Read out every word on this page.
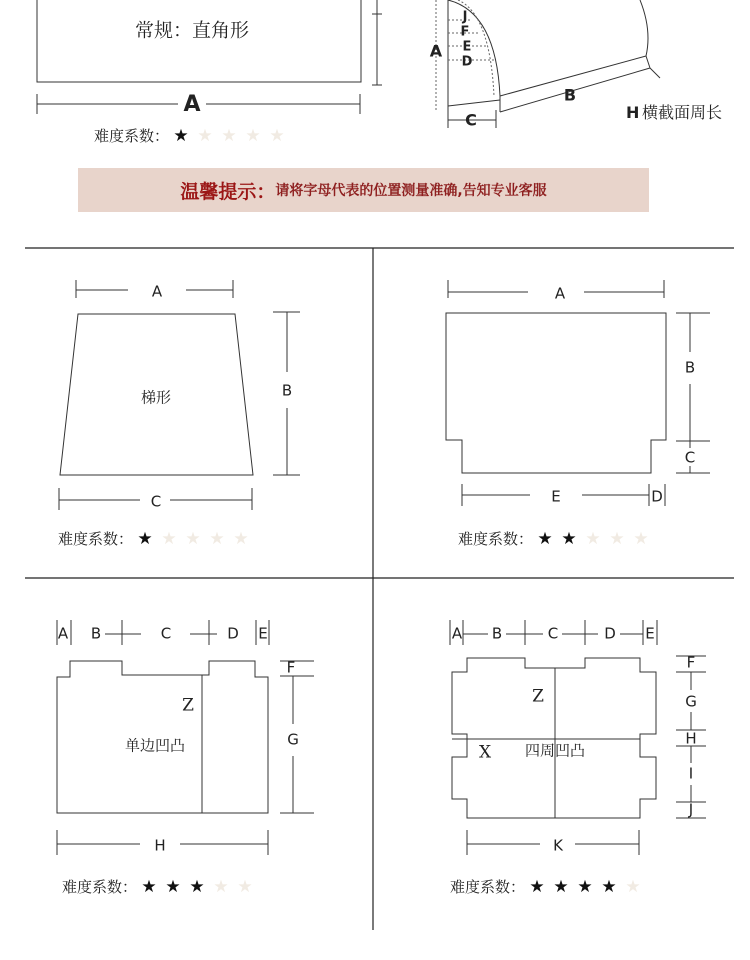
常规：直角形
A
J
F
E
D
A
B
C	H 横截面周长
难度系数： ★ ★ ★ ★ ★
温馨提示： 请将字母代表的位置测量准确,告知专业客服
梯形
A
B
C
A
B
C
E	D
A B	C	D E
F
G
H
Z
单边凹凸
A B	C	D E
F
G
H
I
J
K
Z
X 四周凹凸
难度系数： ★ ★ ★ ★ ★	难度系数： ★ ★ ★ ★ ★
难度系数： ★ ★ ★ ★ ★	难度系数： ★ ★ ★ ★ ★
